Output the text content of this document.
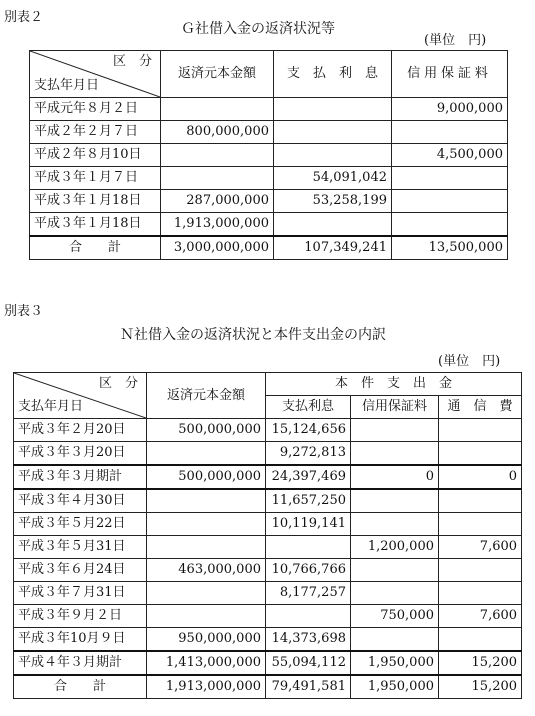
別表２
Ｇ社借入金の返済状況等
(単位　円)
区　分
支払年月日	返済元本金額	支　払　利　息	信用保証料
平成元年８月２日			9,000,000
平成２年２月７日	800,000,000		
平成２年８月10日			4,500,000
平成３年１月７日		54,091,042	
平成３年１月18日	287,000,000	53,258,199	
平成３年１月18日	1,913,000,000		
合　　計	3,000,000,000	107,349,241	13,500,000
別表３
Ｎ社借入金の返済状況と本件支出金の内訳
(単位　円)
区　分
支払年月日	返済元本金額	本　件　支　出　金		
		支払利息	信用保証料	通　信　費
平成３年２月20日	500,000,000	15,124,656		
平成３年３月20日		9,272,813		
平成３年３月期計	500,000,000	24,397,469	0	0
平成３年４月30日		11,657,250		
平成３年５月22日		10,119,141		
平成３年５月31日			1,200,000	7,600
平成３年６月24日	463,000,000	10,766,766		
平成３年７月31日		8,177,257		
平成３年９月２日			750,000	7,600
平成３年10月９日	950,000,000	14,373,698		
平成４年３月期計	1,413,000,000	55,094,112	1,950,000	15,200
合　　計	1,913,000,000	79,491,581	1,950,000	15,200
